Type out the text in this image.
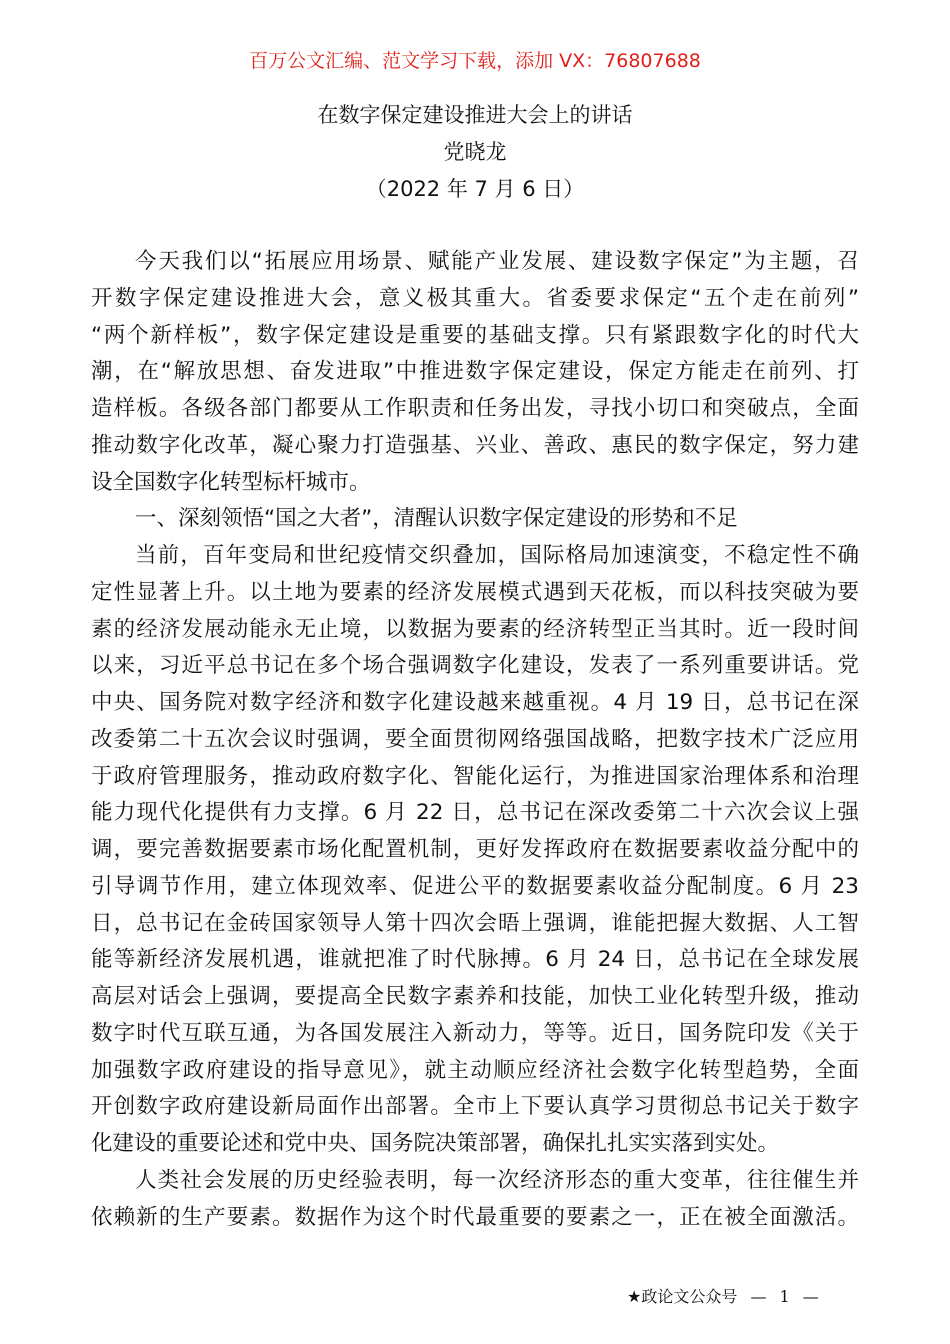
百万公文汇编、范文学习下载，添加 VX：76807688
在数字保定建设推进大会上的讲话
党晓龙
（2022 年 7 月 6 日）
今天我们以“拓展应用场景、赋能产业发展、建设数字保定”为主题，召
开数字保定建设推进大会，意义极其重大。省委要求保定“五个走在前列”
“两个新样板”，数字保定建设是重要的基础支撑。只有紧跟数字化的时代大
潮，在“解放思想、奋发进取”中推进数字保定建设，保定方能走在前列、打
造样板。各级各部门都要从工作职责和任务出发，寻找小切口和突破点，全面
推动数字化改革，凝心聚力打造强基、兴业、善政、惠民的数字保定，努力建
设全国数字化转型标杆城市。
一、深刻领悟“国之大者”，清醒认识数字保定建设的形势和不足
当前，百年变局和世纪疫情交织叠加，国际格局加速演变，不稳定性不确
定性显著上升。以土地为要素的经济发展模式遇到天花板，而以科技突破为要
素的经济发展动能永无止境，以数据为要素的经济转型正当其时。近一段时间
以来，习近平总书记在多个场合强调数字化建设，发表了一系列重要讲话。党
中央、国务院对数字经济和数字化建设越来越重视。4 月 19 日，总书记在深
改委第二十五次会议时强调，要全面贯彻网络强国战略，把数字技术广泛应用
于政府管理服务，推动政府数字化、智能化运行，为推进国家治理体系和治理
能力现代化提供有力支撑。6 月 22 日，总书记在深改委第二十六次会议上强
调，要完善数据要素市场化配置机制，更好发挥政府在数据要素收益分配中的
引导调节作用，建立体现效率、促进公平的数据要素收益分配制度。6 月 23
日，总书记在金砖国家领导人第十四次会晤上强调，谁能把握大数据、人工智
能等新经济发展机遇，谁就把准了时代脉搏。6 月 24 日，总书记在全球发展
高层对话会上强调，要提高全民数字素养和技能，加快工业化转型升级，推动
数字时代互联互通，为各国发展注入新动力，等等。近日，国务院印发《关于
加强数字政府建设的指导意见》，就主动顺应经济社会数字化转型趋势，全面
开创数字政府建设新局面作出部署。全市上下要认真学习贯彻总书记关于数字
化建设的重要论述和党中央、国务院决策部署，确保扎扎实实落到实处。
人类社会发展的历史经验表明，每一次经济形态的重大变革，往往催生并
依赖新的生产要素。数据作为这个时代最重要的要素之一，正在被全面激活。
★政论文公众号 — 1 —
